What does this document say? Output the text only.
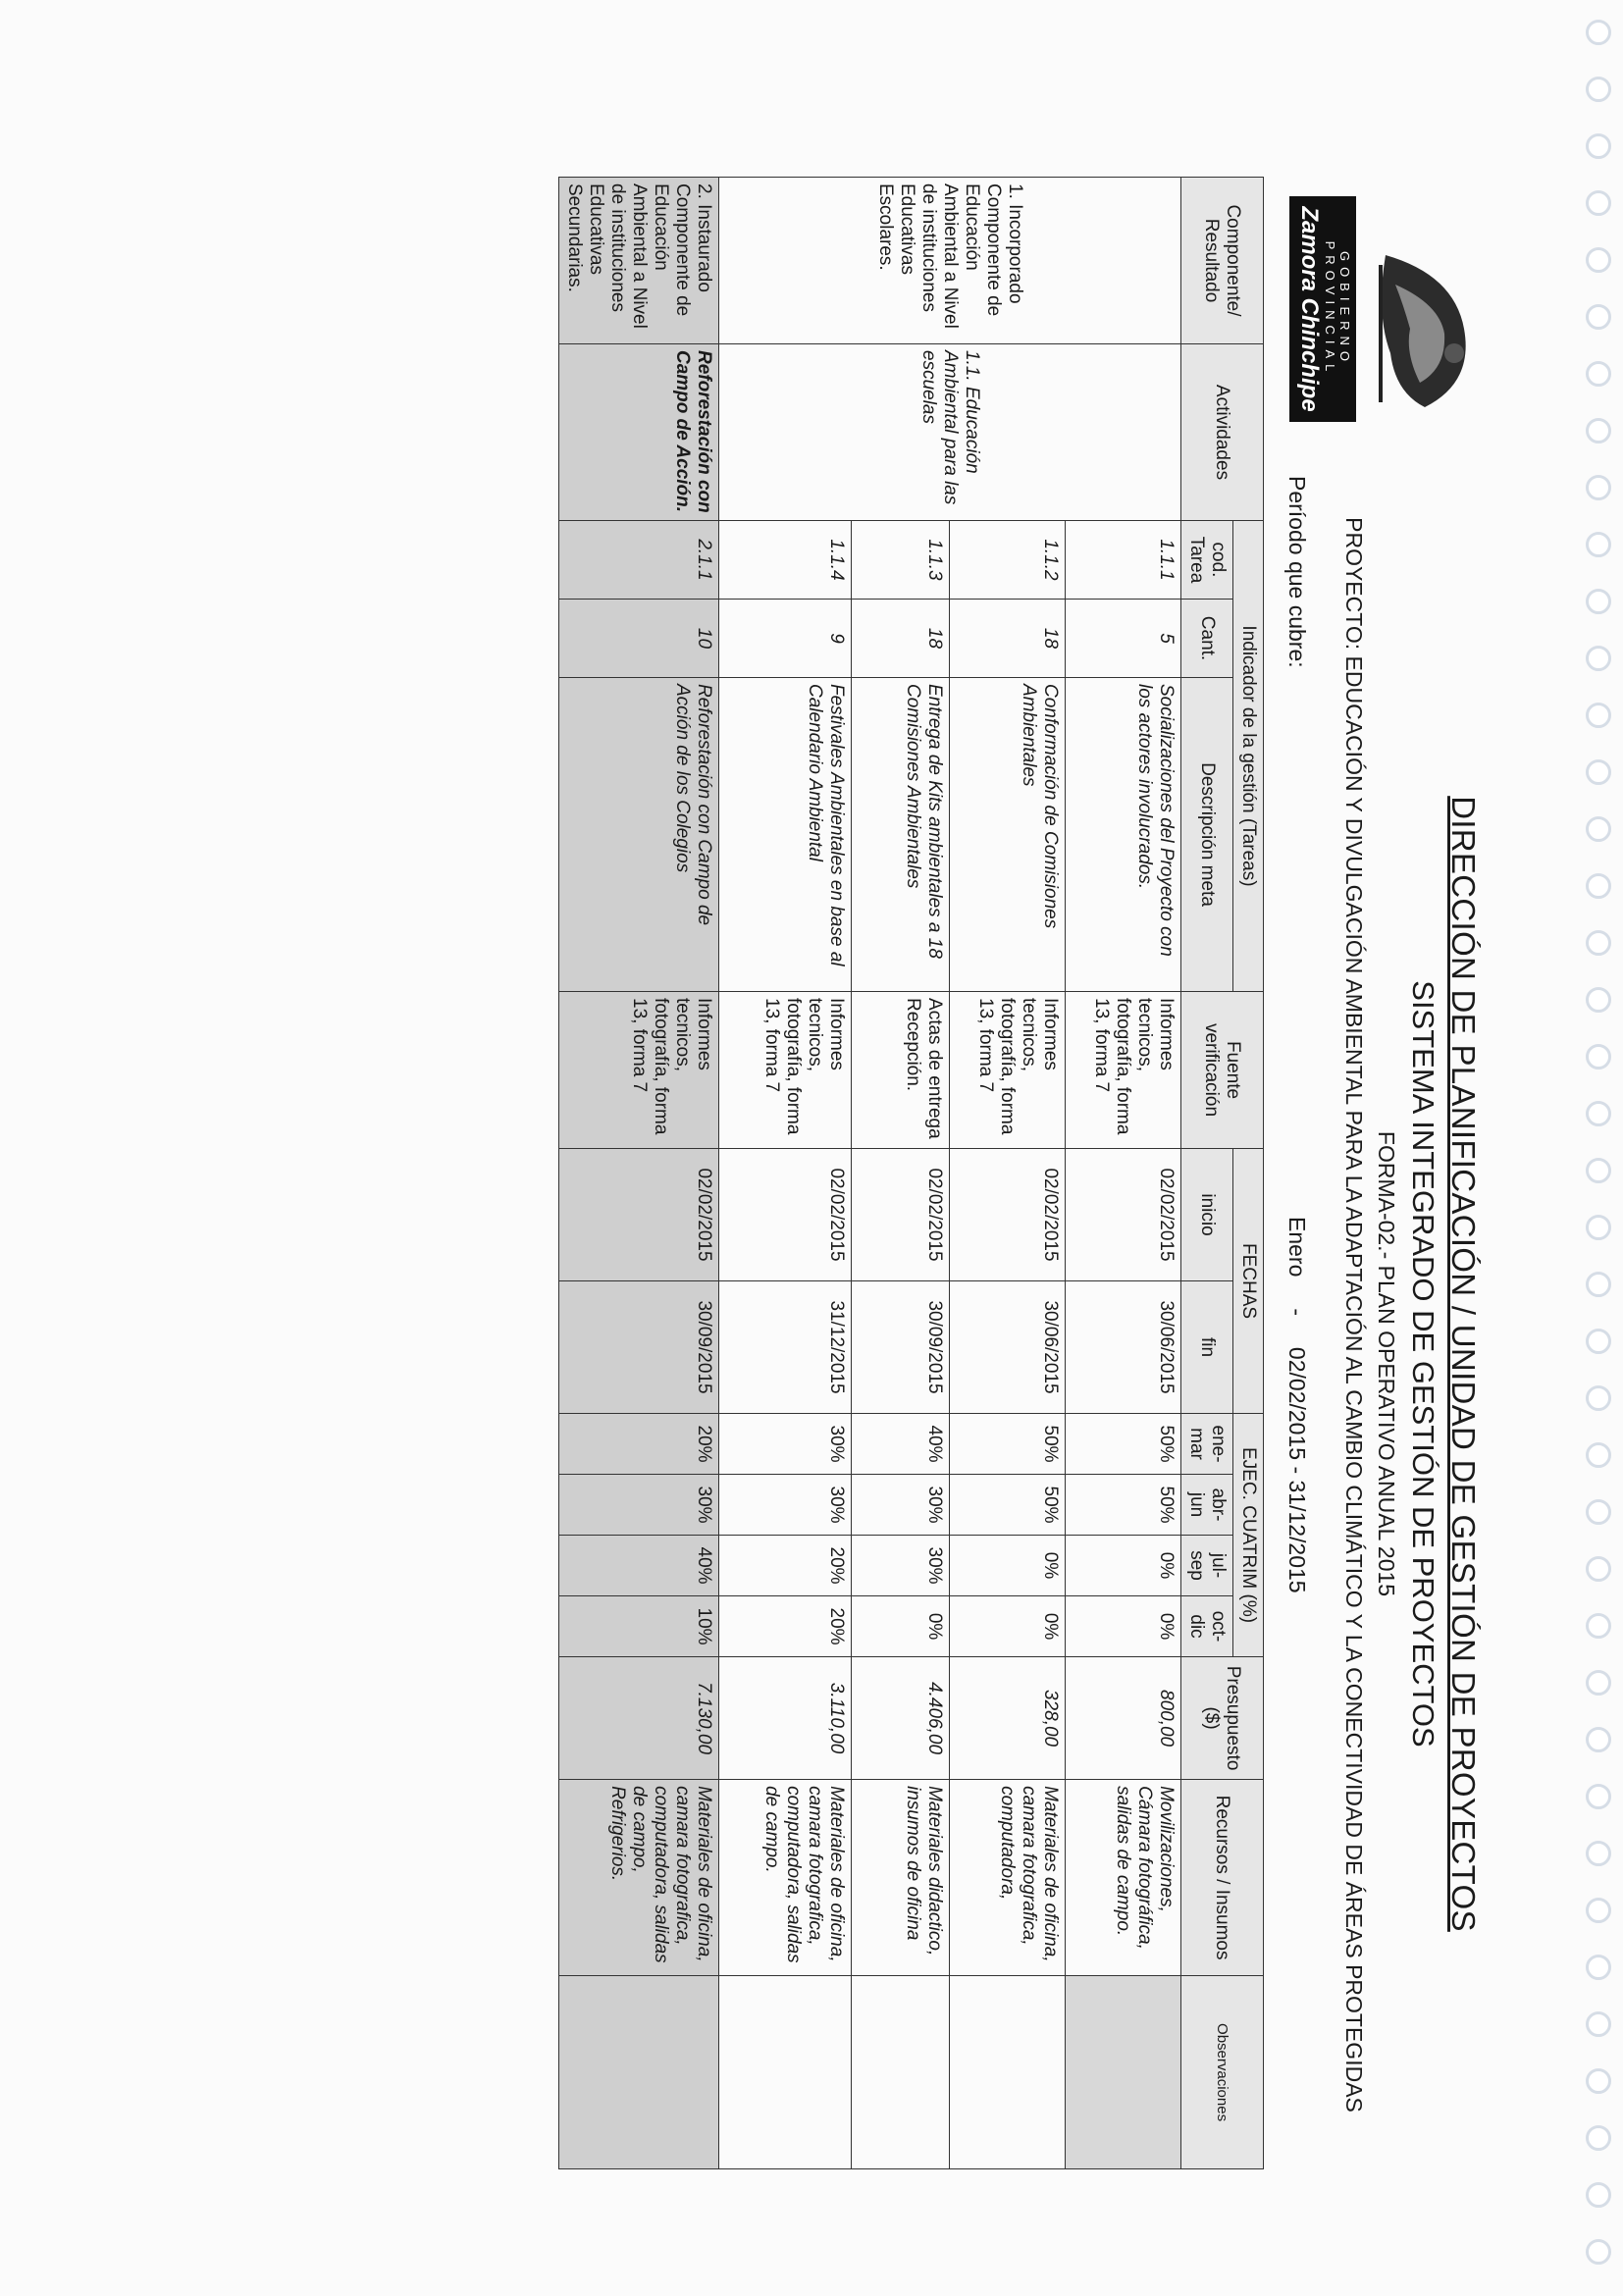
GOBIERNO PROVINCIAL
Zamora Chinchipe
DIRECCIÓN DE PLANIFICACIÓN / UNIDAD DE GESTIÓN DE PROYECTOS
SISTEMA INTEGRADO DE GESTIÓN DE PROYECTOS
FORMA-02.- PLAN OPERATIVO ANUAL 2015
PROYECTO: EDUCACIÓN Y DIVULGACIÓN AMBIENTAL PARA LA ADAPTACIÓN AL CAMBIO CLIMÁTICO Y LA CONECTIVIDAD DE ÁREAS PROTEGIDAS
Período que cubre:
Enero     -     02/02/2015 - 31/12/2015
Componente/ Resultado	Actividades	Indicador de la gestión (Tareas)			Fuente verificación	FECHAS		EJEC. CUATRIM (%)				Presupuesto ($)	Recursos / Insumos	Observaciones
		cod. Tarea	Cant.	Descripción meta		inicio	fin	ene-mar	abr-jun	jul-sep	oct-dic			
1. Incorporado Componente de Educación Ambiental a Nivel de instituciones Educativas Escolares.	1.1. Educación Ambiental para las escuelas	1.1.1	5	Socializaciones del Proyecto con los actores involucrados.	Informes tecnicos, fotografía, forma 13, forma 7	02/02/2015	30/06/2015	50%	50%	0%	0%	800,00	Movilizaciones, Cámara fotográfica, salidas de campo.	
		1.1.2	18	Conformación de Comisiones Ambientales	Informes tecnicos, fotografía, forma 13, forma 7	02/02/2015	30/06/2015	50%	50%	0%	0%	328,00	Materiales de oficina, camara fotografica, computadora,	
		1.1.3	18	Entrega de Kits ambientales a 18 Comisiones Ambientales	Actas de entrega Recepción.	02/02/2015	30/09/2015	40%	30%	30%	0%	4.406,00	Materiales didactico, insumos de oficina	
		1.1.4	9	Festivales Ambientales en base al Calendario Ambiental	Informes tecnicos, fotografía, forma 13, forma 7	02/02/2015	31/12/2015	30%	30%	20%	20%	3.110,00	Materiales de oficina, camara fotografica, computadora, salidas de campo.	
2. Instaurado Componente de Educación Ambiental a Nivel de instituciones Educativas Secundarias.	Reforestación con Campo de Acción.	2.1.1	10	Reforestación con Campo de Acción de los Colegios	Informes tecnicos, fotografía, forma 13, forma 7	02/02/2015	30/09/2015	20%	30%	40%	10%	7.130,00	Materiales de oficina, camara fotografica, computadora, salidas de campo, Refrigerios.	
